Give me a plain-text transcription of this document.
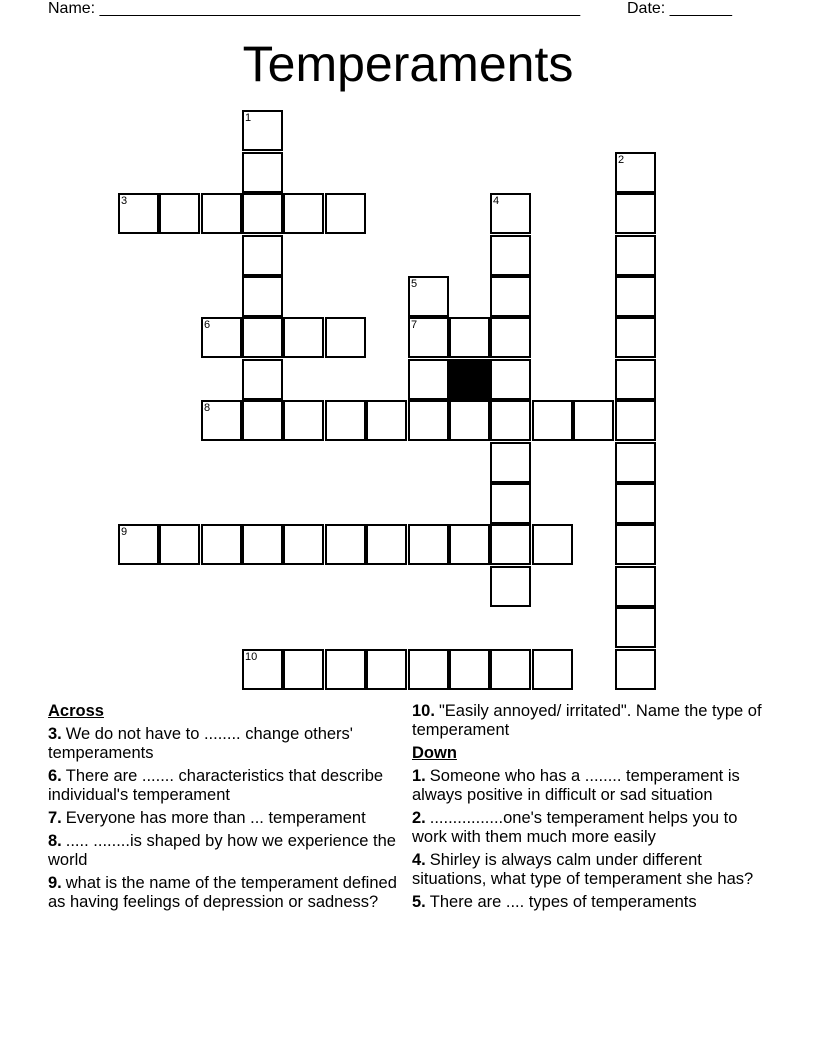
Name: ______________________________________________________	Date: _______
Temperaments
1
2
3	4
5
6	7
8
9
10
Across
3. We do not have to ........ change others' temperaments
6. There are ....... characteristics that describe individual's temperament
7. Everyone has more than ... temperament
8. ..... ........is shaped by how we experience the world
9. what is the name of the temperament defined as having feelings of depression or sadness?
10. "Easily annoyed/ irritated". Name the type of temperament
Down
1. Someone who has a ........ temperament is always positive in difficult or sad situation
2. ................one's temperament helps you to work with them much more easily
4. Shirley is always calm under different situations, what type of temperament she has?
5. There are .... types of temperaments
